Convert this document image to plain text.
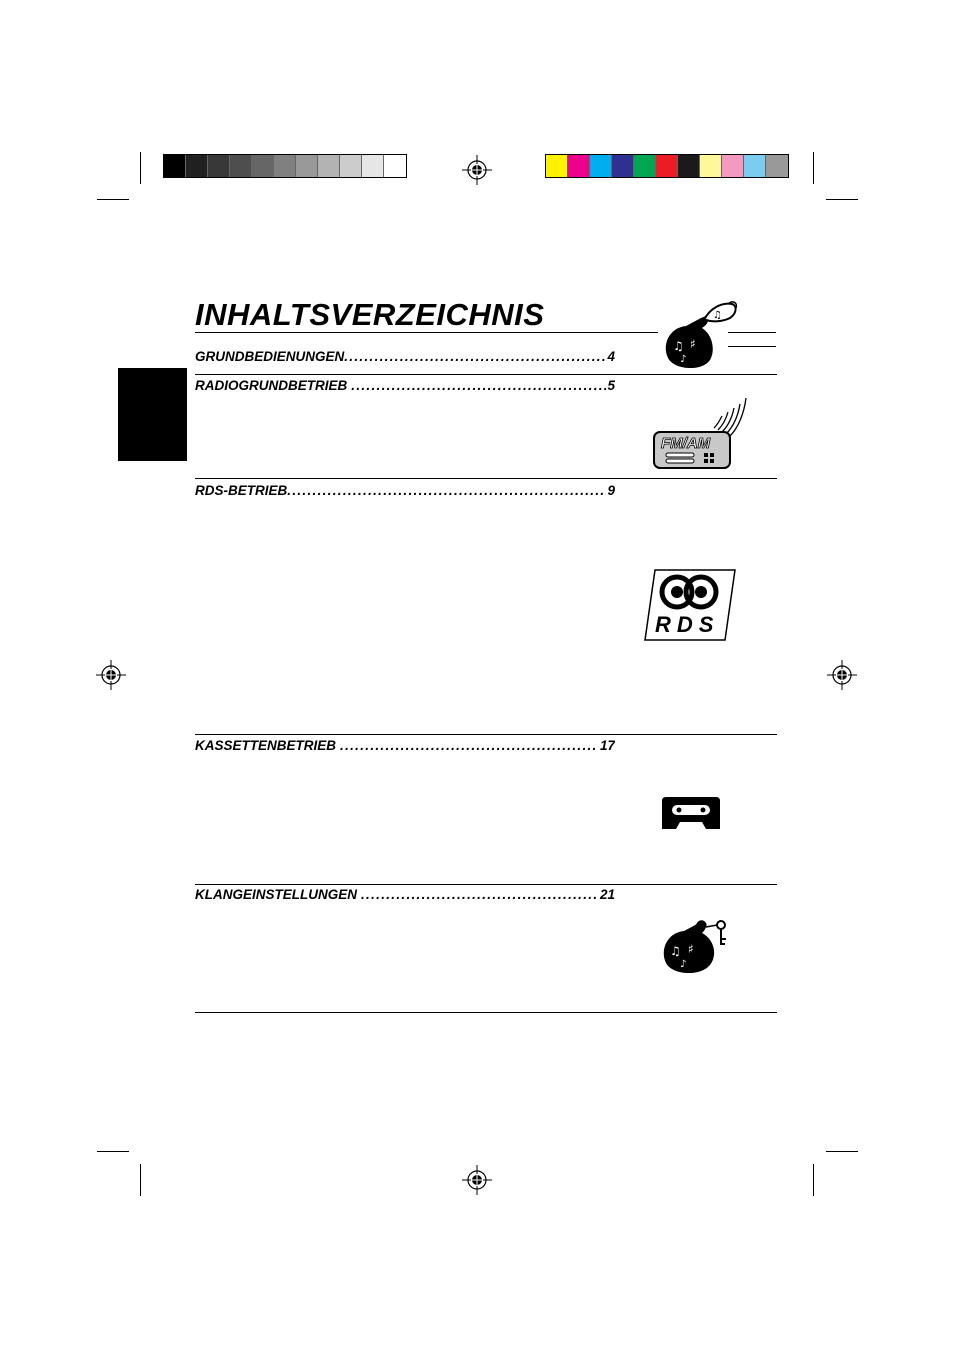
INHALTSVERZEICHNIS
GRUNDBEDIENUNGEN .....	4
RADIOGRUNDBETRIEB .....	5
RDS-BETRIEB .....	9
KASSETTENBETRIEB .....	17
KLANGEINSTELLUNGEN .....	21
♫
♫ ♯
♪
FM/AM
RDS
♫ ♯
♪
